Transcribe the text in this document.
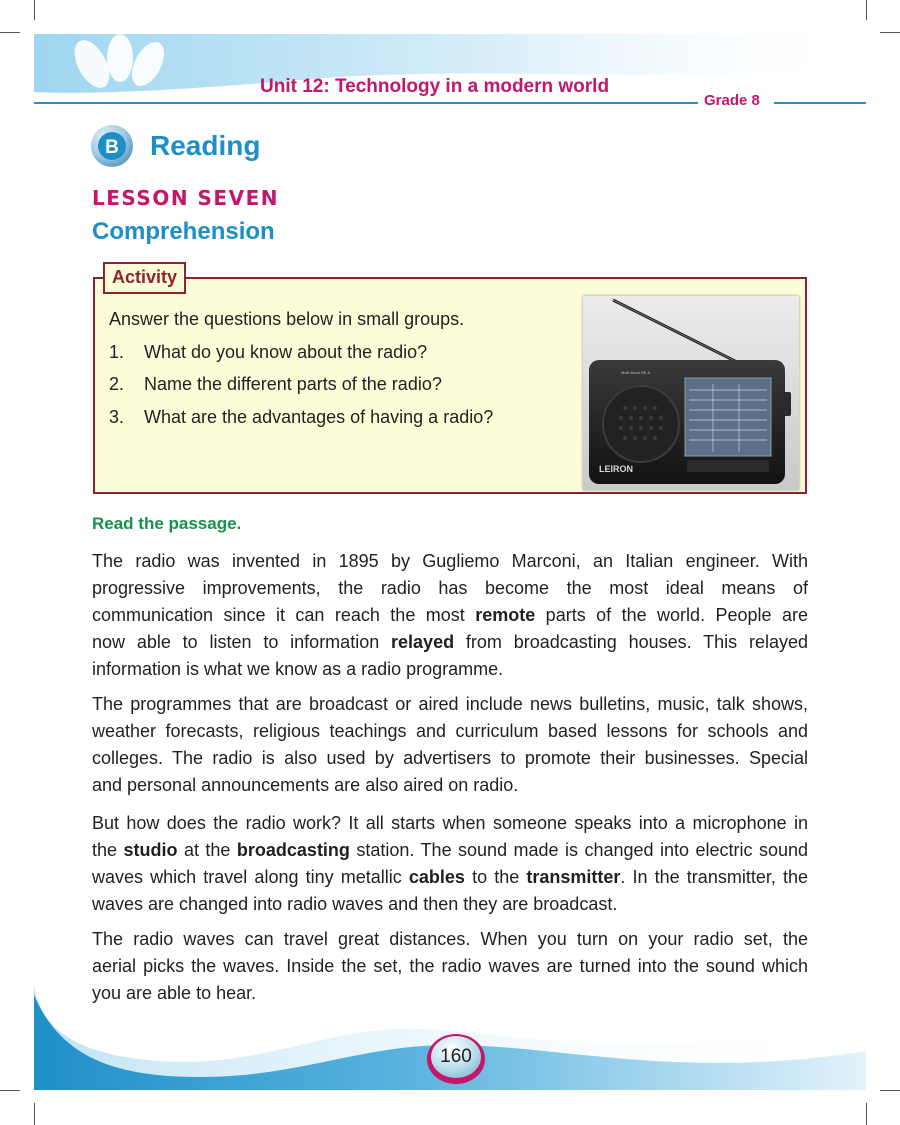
Unit 12: Technology in a modern world
Grade 8
B Reading
LESSON SEVEN
Comprehension
Activity
Answer the questions below in small groups.
1. What do you know about the radio?
2. Name the different parts of the radio?
3. What are the advantages of having a radio?
LEIRON
Multi Band RE-8
Read the passage.
The radio was invented in 1895 by Gugliemo Marconi, an Italian engineer. With
progressive improvements, the radio has become the most ideal means of
communication since it can reach the most remote parts of the world. People are
now able to listen to information relayed from broadcasting houses. This relayed
information is what we know as a radio programme.
The programmes that are broadcast or aired include news bulletins, music, talk shows,
weather forecasts, religious teachings and curriculum based lessons for schools and
colleges. The radio is also used by advertisers to promote their businesses. Special
and personal announcements are also aired on radio.
But how does the radio work? It all starts when someone speaks into a microphone in
the studio at the broadcasting station. The sound made is changed into electric sound
waves which travel along tiny metallic cables to the transmitter. In the transmitter, the
waves are changed into radio waves and then they are broadcast.
The radio waves can travel great distances. When you turn on your radio set, the
aerial picks the waves. Inside the set, the radio waves are turned into the sound which
you are able to hear.
160
